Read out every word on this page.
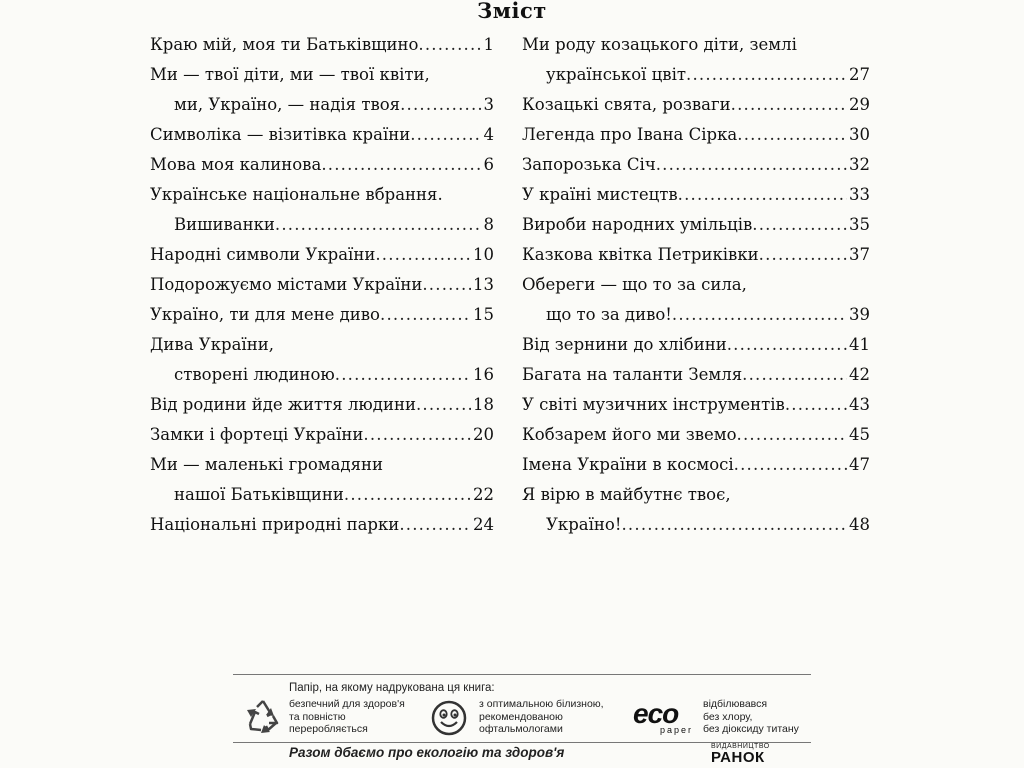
Зміст
Краю мій, моя ти Батьківщино .....	1
Ми — твої діти, ми — твої квіти,
ми, Україно, — надія твоя .....	3
Символіка — візитівка країни .....	4
Мова моя калинова .....	6
Українське національне вбрання.
Вишиванки .....	8
Народні символи України .....	10
Подорожуємо містами України .....	13
Україно, ти для мене диво .....	15
Дива України,
створені людиною .....	16
Від родини йде життя людини .....	18
Замки і фортеці України .....	20
Ми — маленькі громадяни
нашої Батьківщини .....	22
Національні природні парки .....	24
Ми роду козацького діти, землі
української цвіт .....	27
Козацькі свята, розваги .....	29
Легенда про Івана Сірка .....	30
Запорозька Січ .....	32
У країні мистецтв .....	33
Вироби народних умільців .....	35
Казкова квітка Петриківки .....	37
Обереги — що то за сила,
що то за диво! .....	39
Від зернини до хлібини .....	41
Багата на таланти Земля .....	42
У світі музичних інструментів .....	43
Кобзарем його ми звемо .....	45
Імена України в космосі .....	47
Я вірю в майбутнє твоє,
Україно! .....	48
Папір, на якому надрукована ця книга:
безпечний для здоров'я
та повністю
переробляється
з оптимальною білизною,
рекомендованою
офтальмологами	eco
paper
відбілювався
без хлору,
без діоксиду титану
Разом дбаємо про екологію та здоров'я	ВИДАВНИЦТВО
РАНОК
